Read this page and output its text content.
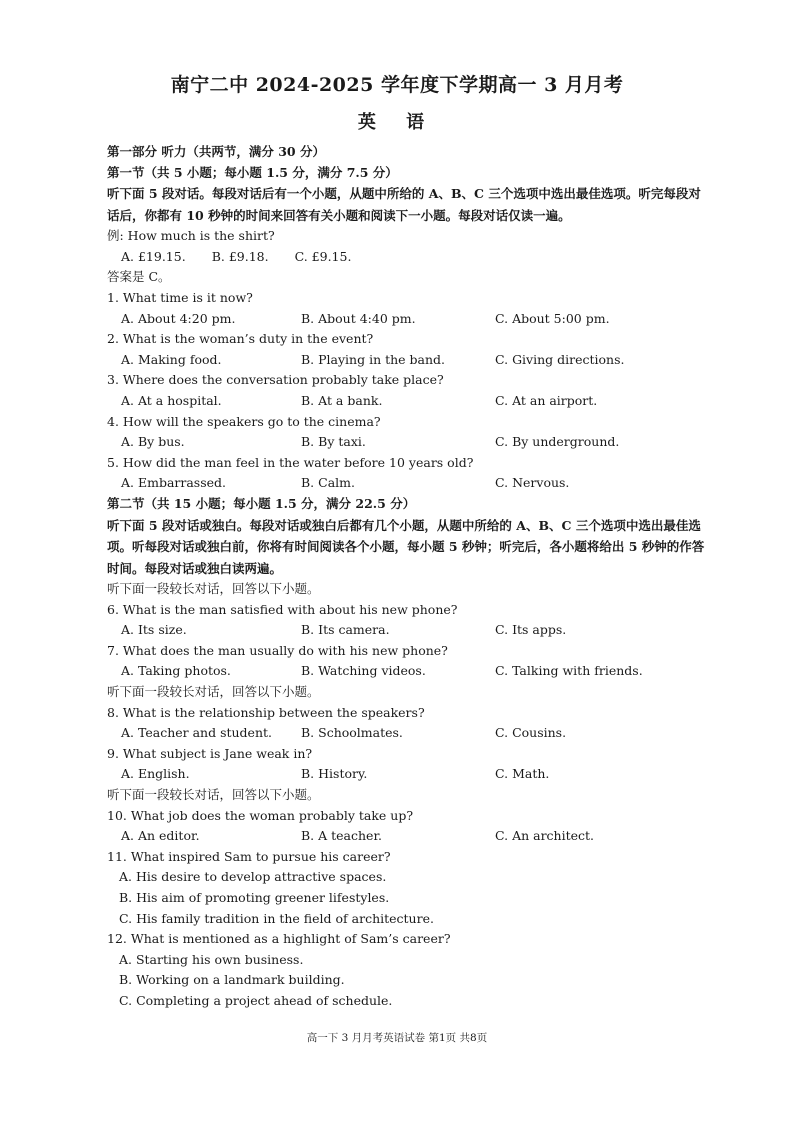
南宁二中 2024-2025 学年度下学期高一 3 月月考
英 语
第一部分 听力（共两节，满分 30 分）
第一节（共 5 小题；每小题 1.5 分，满分 7.5 分）
听下面 5 段对话。每段对话后有一个小题，从题中所给的 A、B、C 三个选项中选出最佳选项。听完每段对话后，你都有 10 秒钟的时间来回答有关小题和阅读下一小题。每段对话仅读一遍。
例: How much is the shirt?
A. £19.15. B. £9.18. C. £9.15.
答案是 C。
1. What time is it now?
A. About 4:20 pm.	B. About 4:40 pm.	C. About 5:00 pm.
2. What is the woman’s duty in the event?
A. Making food.	B. Playing in the band.	C. Giving directions.
3. Where does the conversation probably take place?
A. At a hospital.	B. At a bank.	C. At an airport.
4. How will the speakers go to the cinema?
A. By bus.	B. By taxi.	C. By underground.
5. How did the man feel in the water before 10 years old?
A. Embarrassed.	B. Calm.	C. Nervous.
第二节（共 15 小题；每小题 1.5 分，满分 22.5 分）
听下面 5 段对话或独白。每段对话或独白后都有几个小题，从题中所给的 A、B、C 三个选项中选出最佳选项。听每段对话或独白前，你将有时间阅读各个小题，每小题 5 秒钟；听完后，各小题将给出 5 秒钟的作答时间。每段对话或独白读两遍。
听下面一段较长对话，回答以下小题。
6. What is the man satisfied with about his new phone?
A. Its size.	B. Its camera.	C. Its apps.
7. What does the man usually do with his new phone?
A. Taking photos.	B. Watching videos.	C. Talking with friends.
听下面一段较长对话，回答以下小题。
8. What is the relationship between the speakers?
A. Teacher and student.	B. Schoolmates.	C. Cousins.
9. What subject is Jane weak in?
A. English.	B. History.	C. Math.
听下面一段较长对话，回答以下小题。
10. What job does the woman probably take up?
A. An editor.	B. A teacher.	C. An architect.
11. What inspired Sam to pursue his career?
A. His desire to develop attractive spaces.
B. His aim of promoting greener lifestyles.
C. His family tradition in the field of architecture.
12. What is mentioned as a highlight of Sam’s career?
A. Starting his own business.
B. Working on a landmark building.
C. Completing a project ahead of schedule.
高一下 3 月月考英语试卷 第1页 共8页
